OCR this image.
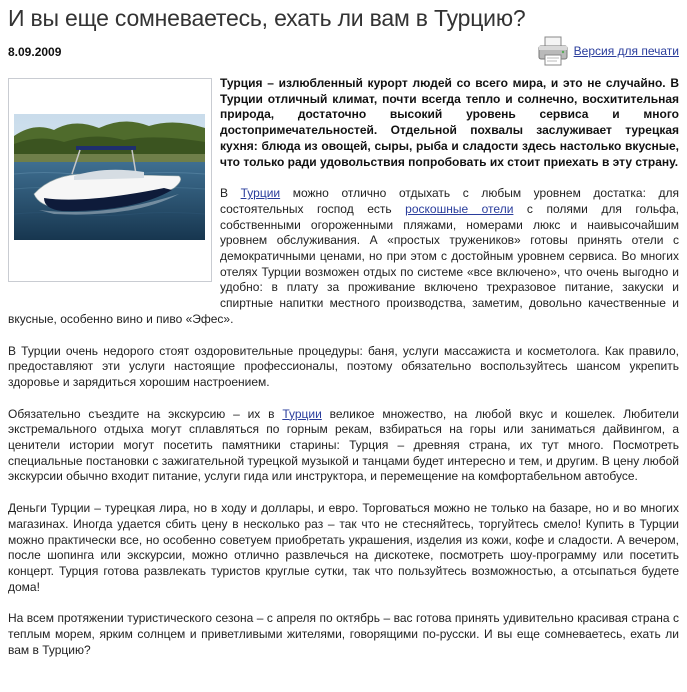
И вы еще сомневаетесь, ехать ли вам в Турцию?
8.09.2009	Версия для печати

Турция – излюбленный курорт людей со всего мира, и это не случайно. В Турции отличный климат, почти всегда тепло и солнечно, восхитительная природа, достаточно высокий уровень сервиса и много достопримечательностей. Отдельной похвалы заслуживает турецкая кухня: блюда из овощей, сыры, рыба и сладости здесь настолько вкусные, что только ради удовольствия попробовать их стоит приехать в эту страну.

В Турции можно отлично отдыхать с любым уровнем достатка: для состоятельных господ есть роскошные отели с полями для гольфа, собственными огороженными пляжами, номерами люкс и наивысочайшим уровнем обслуживания. А «простых тружеников» готовы принять отели с демократичными ценами, но при этом с достойным уровнем сервиса. Во многих отелях Турции возможен отдых по системе «все включено», что очень выгодно и удобно: в плату за проживание включено трехразовое питание, закуски и спиртные напитки местного производства, заметим, довольно качественные и вкусные, особенно вино и пиво «Эфес».

В Турции очень недорого стоят оздоровительные процедуры: баня, услуги массажиста и косметолога. Как правило, предоставляют эти услуги настоящие профессионалы, поэтому обязательно воспользуйтесь шансом укрепить здоровье и зарядиться хорошим настроением.

Обязательно съездите на экскурсию – их в Турции великое множество, на любой вкус и кошелек. Любители экстремального отдыха могут сплавляться по горным рекам, взбираться на горы или заниматься дайвингом, а ценители истории могут посетить памятники старины: Турция – древняя страна, их тут много. Посмотреть специальные постановки с зажигательной турецкой музыкой и танцами будет интересно и тем, и другим. В цену любой экскурсии обычно входит питание, услуги гида или инструктора, и перемещение на комфортабельном автобусе.

Деньги Турции – турецкая лира, но в ходу и доллары, и евро. Торговаться можно не только на базаре, но и во многих магазинах. Иногда удается сбить цену в несколько раз – так что не стесняйтесь, торгуйтесь смело! Купить в Турции можно практически все, но особенно советуем приобретать украшения, изделия из кожи, кофе и сладости. А вечером, после шопинга или экскурсии, можно отлично развлечься на дискотеке, посмотреть шоу-программу или посетить концерт. Турция готова развлекать туристов круглые сутки, так что пользуйтесь возможностью, а отсыпаться будете дома!

На всем протяжении туристического сезона – с апреля по октябрь – вас готова принять удивительно красивая страна с теплым морем, ярким солнцем и приветливыми жителями, говорящими по-русски. И вы еще сомневаетесь, ехать ли вам в Турцию?
